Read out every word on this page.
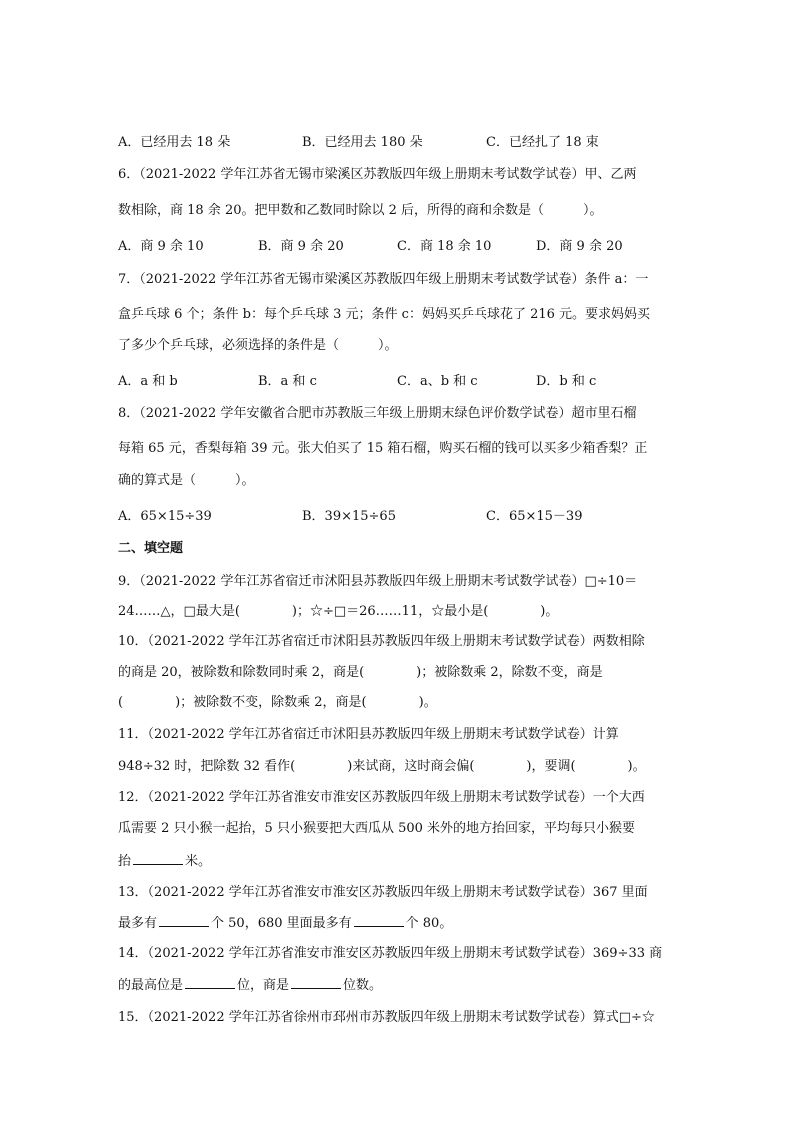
A．已经用去 18 朵	B．已经用去 180 朵	C．已经扎了 18 束
6．（2021-2022 学年江苏省无锡市梁溪区苏教版四年级上册期末考试数学试卷）甲、乙两
数相除，商 18 余 20。把甲数和乙数同时除以 2 后，所得的商和余数是（　　　）。
A．商 9 余 10	B．商 9 余 20	C．商 18 余 10	D．商 9 余 20
7．（2021-2022 学年江苏省无锡市梁溪区苏教版四年级上册期末考试数学试卷）条件 a：一
盒乒乓球 6 个；条件 b：每个乒乓球 3 元；条件 c：妈妈买乒乓球花了 216 元。要求妈妈买
了多少个乒乓球，必须选择的条件是（　　　）。
A．a 和 b	B．a 和 c	C．a、b 和 c	D．b 和 c
8．（2021-2022 学年安徽省合肥市苏教版三年级上册期末绿色评价数学试卷）超市里石榴
每箱 65 元，香梨每箱 39 元。张大伯买了 15 箱石榴，购买石榴的钱可以买多少箱香梨？正
确的算式是（　　　）。
A．65×15÷39	B．39×15÷65	C．65×15－39
二、填空题
9．（2021-2022 学年江苏省宿迁市沭阳县苏教版四年级上册期末考试数学试卷）□÷10＝
24……△，□最大是(　　　　)；☆÷□＝26……11，☆最小是(　　　　)。
10．（2021-2022 学年江苏省宿迁市沭阳县苏教版四年级上册期末考试数学试卷）两数相除
的商是 20，被除数和除数同时乘 2，商是(　　　　)；被除数乘 2，除数不变，商是
(　　　　)；被除数不变，除数乘 2，商是(　　　　)。
11．（2021-2022 学年江苏省宿迁市沭阳县苏教版四年级上册期末考试数学试卷）计算
948÷32 时，把除数 32 看作(　　　　)来试商，这时商会偏(　　　　)，要调(　　　　)。
12．（2021-2022 学年江苏省淮安市淮安区苏教版四年级上册期末考试数学试卷）一个大西
瓜需要 2 只小猴一起抬，5 只小猴要把大西瓜从 500 米外的地方抬回家，平均每只小猴要
抬	米。
13．（2021-2022 学年江苏省淮安市淮安区苏教版四年级上册期末考试数学试卷）367 里面
最多有	个 50，680 里面最多有	个 80。
14．（2021-2022 学年江苏省淮安市淮安区苏教版四年级上册期末考试数学试卷）369÷33 商
的最高位是	位，商是	位数。
15．（2021-2022 学年江苏省徐州市邳州市苏教版四年级上册期末考试数学试卷）算式□÷☆
